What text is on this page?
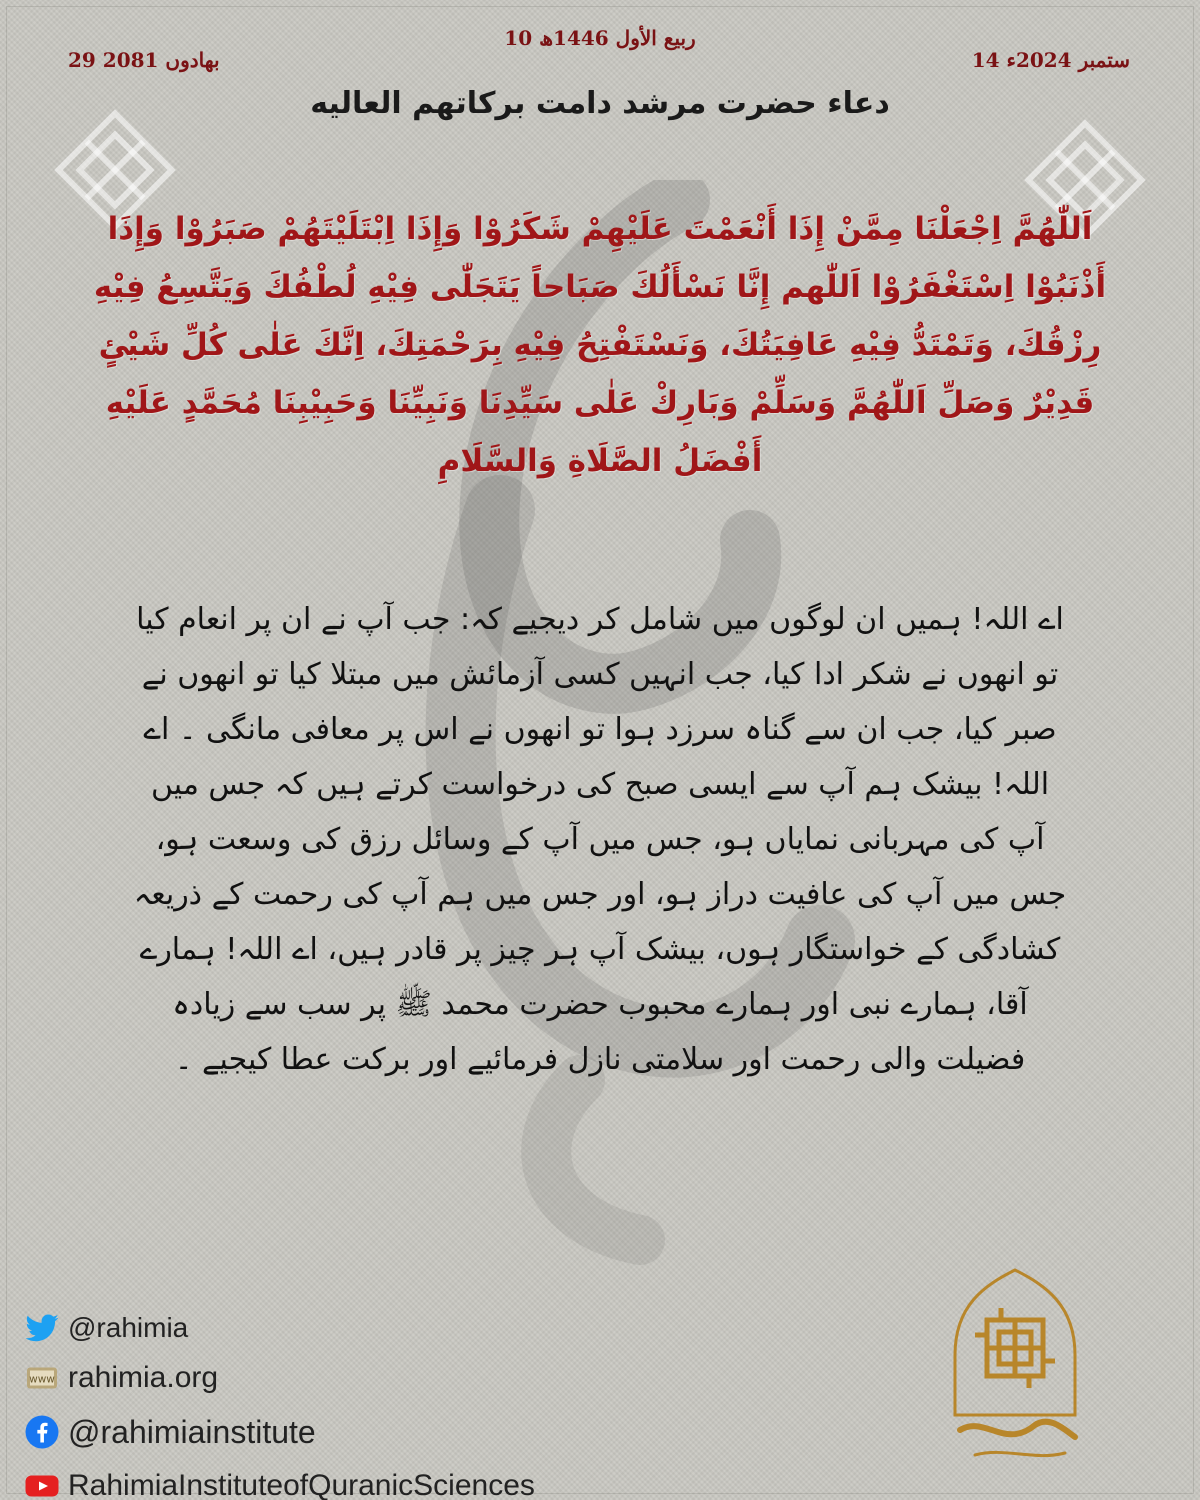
10 ربیع الأول 1446ھ
14 ستمبر 2024ء
29 بھادوں 2081
دعاء حضرت مرشد دامت برکاتهم العالیه
اَللّٰهُمَّ اِجْعَلْنَا مِمَّنْ إِذَا أَنْعَمْتَ عَلَيْهِمْ شَكَرُوْا وَإِذَا اِبْتَلَيْتَهُمْ صَبَرُوْا وَإِذَا أَذْنَبُوْا اِسْتَغْفَرُوْا اَللّٰهم إِنَّا نَسْأَلُكَ صَبَاحاً يَتَجَلّٰى فِيْهِ لُطْفُكَ وَيَتَّسِعُ فِيْهِ رِزْقُكَ، وَتَمْتَدُّ فِيْهِ عَافِيَتُكَ، وَنَسْتَفْتِحُ فِيْهِ بِرَحْمَتِكَ، اِنَّكَ عَلٰى كُلِّ شَيْئٍ قَدِيْرٌ وَصَلِّ اَللّٰهُمَّ وَسَلِّمْ وَبَارِكْ عَلٰى سَيِّدِنَا وَنَبِيِّنَا وَحَبِيْبِنَا مُحَمَّدٍ عَلَيْهِ أَفْضَلُ الصَّلَاةِ وَالسَّلَامِ
اے اللہ! ہمیں ان لوگوں میں شامل کر دیجیے کہ: جب آپ نے ان پر انعام کیا تو انھوں نے شکر ادا کیا، جب انہیں کسی آزمائش میں مبتلا کیا تو انھوں نے صبر کیا، جب ان سے گناہ سرزد ہوا تو انھوں نے اس پر معافی مانگی ۔ اے اللہ! بیشک ہم آپ سے ایسی صبح کی درخواست کرتے ہیں کہ جس میں آپ کی مہربانی نمایاں ہو، جس میں آپ کے وسائل رزق کی وسعت ہو، جس میں آپ کی عافیت دراز ہو، اور جس میں ہم آپ کی رحمت کے ذریعہ کشادگی کے خواستگار ہوں، بیشک آپ ہر چیز پر قادر ہیں، اے اللہ! ہمارے آقا، ہمارے نبی اور ہمارے محبوب حضرت محمد ﷺ پر سب سے زیادہ فضیلت والی رحمت اور سلامتی نازل فرمائیے اور برکت عطا کیجیے ۔
@rahimia
www rahimia.org
@rahimiainstitute
RahimiaInstituteofQuranicSciences
